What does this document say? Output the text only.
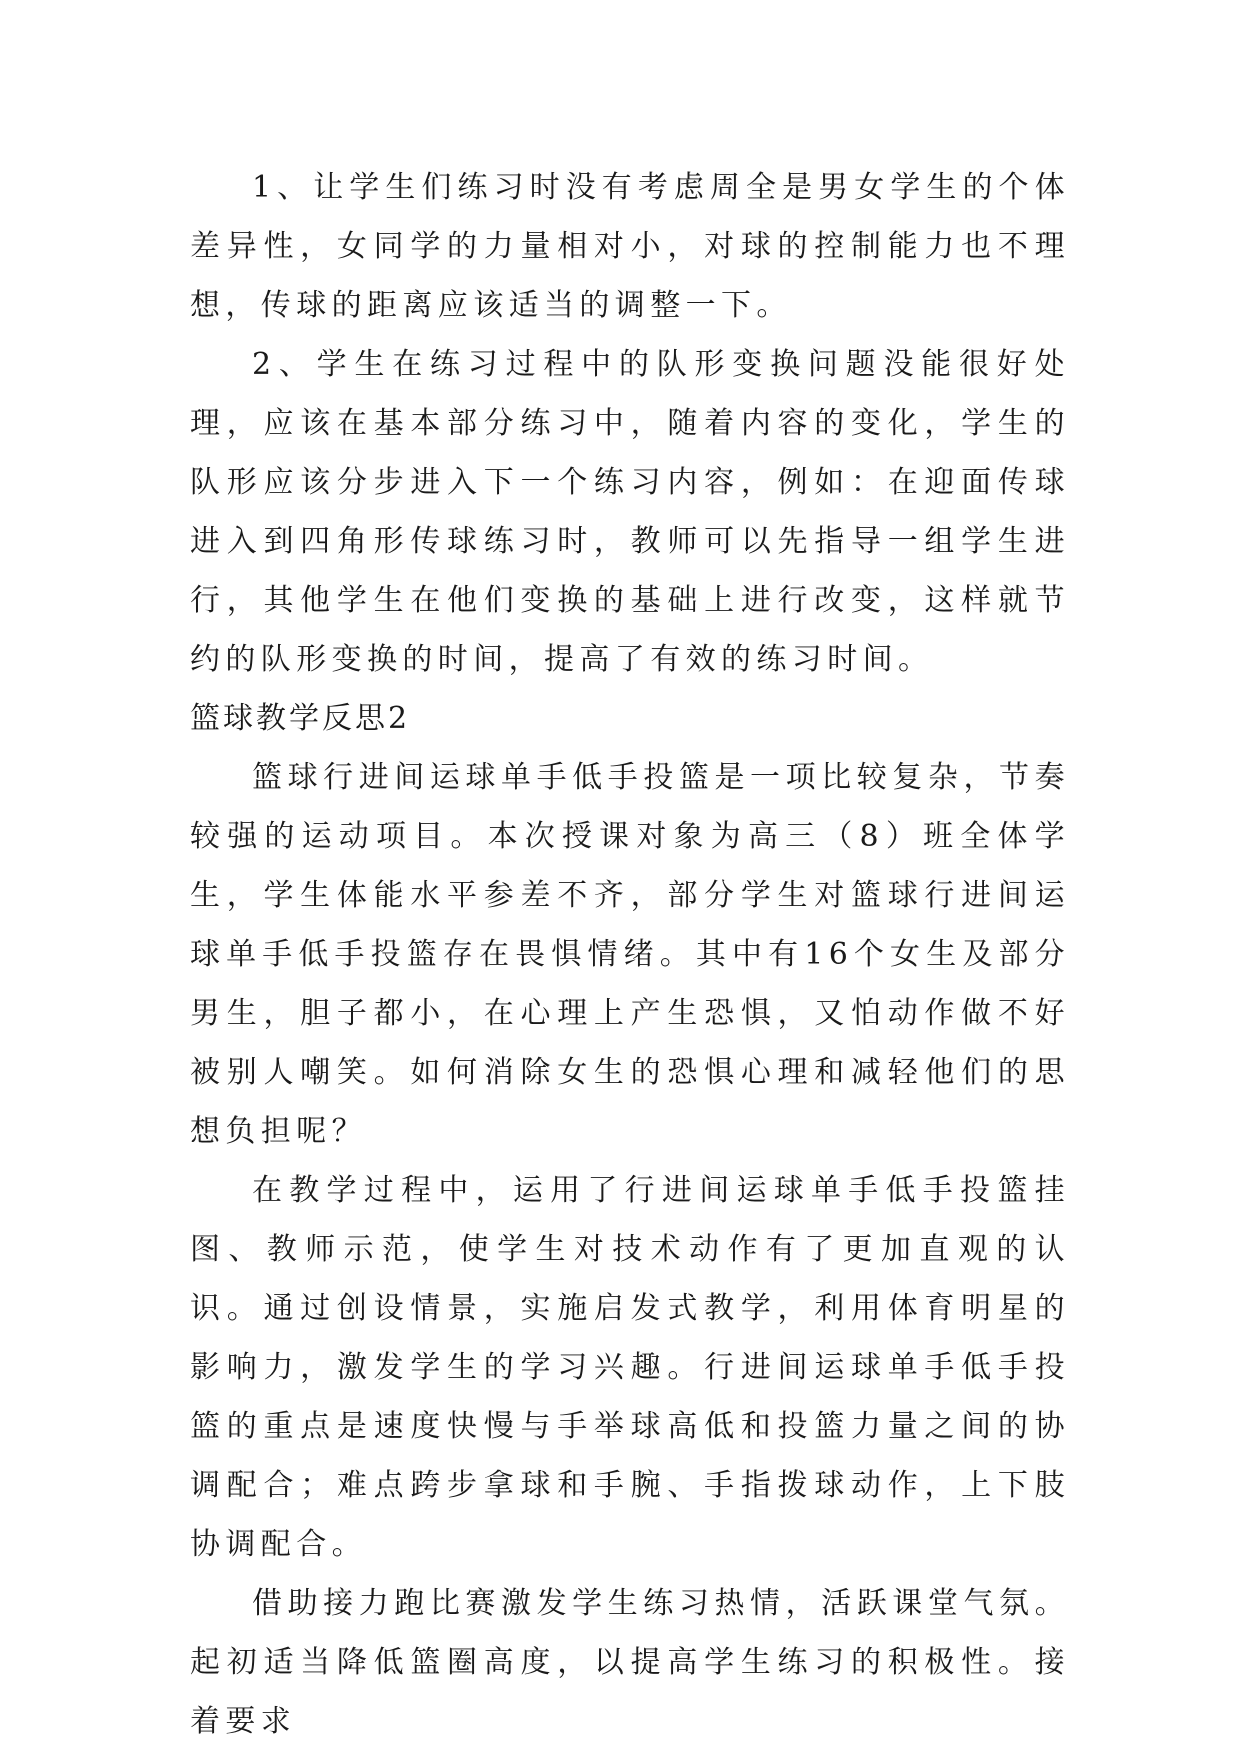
1、让学生们练习时没有考虑周全是男女学生的个体差异性，女同学的力量相对小，对球的控制能力也不理想，传球的距离应该适当的调整一下。

2、学生在练习过程中的队形变换问题没能很好处理，应该在基本部分练习中，随着内容的变化，学生的队形应该分步进入下一个练习内容，例如：在迎面传球进入到四角形传球练习时，教师可以先指导一组学生进行，其他学生在他们变换的基础上进行改变，这样就节约的队形变换的时间，提高了有效的练习时间。

篮球教学反思2

篮球行进间运球单手低手投篮是一项比较复杂，节奏较强的运动项目。本次授课对象为高三（8）班全体学生，学生体能水平参差不齐，部分学生对篮球行进间运球单手低手投篮存在畏惧情绪。其中有16个女生及部分男生，胆子都小，在心理上产生恐惧，又怕动作做不好被别人嘲笑。如何消除女生的恐惧心理和减轻他们的思想负担呢？

在教学过程中，运用了行进间运球单手低手投篮挂图、教师示范，使学生对技术动作有了更加直观的认识。通过创设情景，实施启发式教学，利用体育明星的影响力，激发学生的学习兴趣。行进间运球单手低手投篮的重点是速度快慢与手举球高低和投篮力量之间的协调配合；难点跨步拿球和手腕、手指拨球动作，上下肢协调配合。

借助接力跑比赛激发学生练习热情，活跃课堂气氛。起初适当降低篮圈高度，以提高学生练习的积极性。接着要求
